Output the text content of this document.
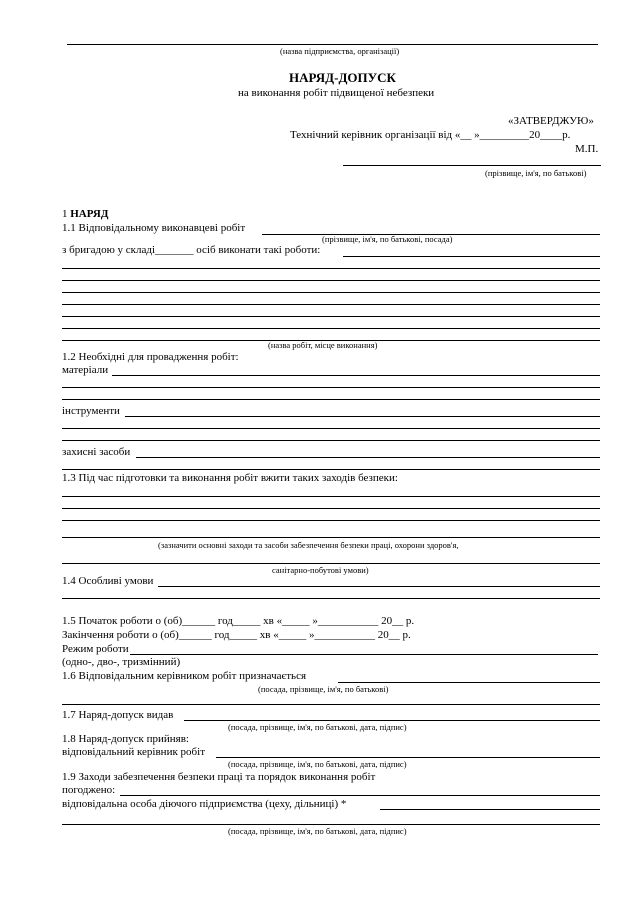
(назва підприємства, організації)
НАРЯД-ДОПУСК
на виконання робіт підвищеної небезпеки
«ЗАТВЕРДЖУЮ»
Технічний керівник організації від «__ »_________20____р.
М.П.
(прізвище, ім'я, по батькові)
1 НАРЯД
1.1 Відповідальному виконавцеві робіт
(прізвище, ім'я, по батькові, посада)
з бригадою у складі_______ осіб виконати такі роботи:
(назва робіт, місце виконання)
1.2 Необхідні для провадження робіт:
матеріали
інструменти
захисні засоби
1.3 Під час підготовки та виконання робіт вжити таких заходів безпеки:
(зазначити основні заходи та засоби забезпечення безпеки праці, охорони здоров'я,
санітарно-побутові умови)
1.4 Особливі умови
1.5 Початок роботи о (об)______ год_____ хв «_____ »___________ 20__ р.
Закінчення роботи о (об)______ год_____ хв «_____ »___________ 20__ р.
Режим роботи
(одно-, дво-, тризмінний)
1.6 Відповідальним керівником робіт призначається
(посада, прізвище, ім'я, по батькові)
1.7 Наряд-допуск видав
(посада, прізвище, ім'я, по батькові, дата, підпис)
1.8 Наряд-допуск прийняв:
відповідальний керівник робіт
(посада, прізвище, ім'я, по батькові, дата, підпис)
1.9 Заходи забезпечення безпеки праці та порядок виконання робіт
погоджено:
відповідальна особа діючого підприємства (цеху, дільниці) *
(посада, прізвище, ім'я, по батькові, дата, підпис)
